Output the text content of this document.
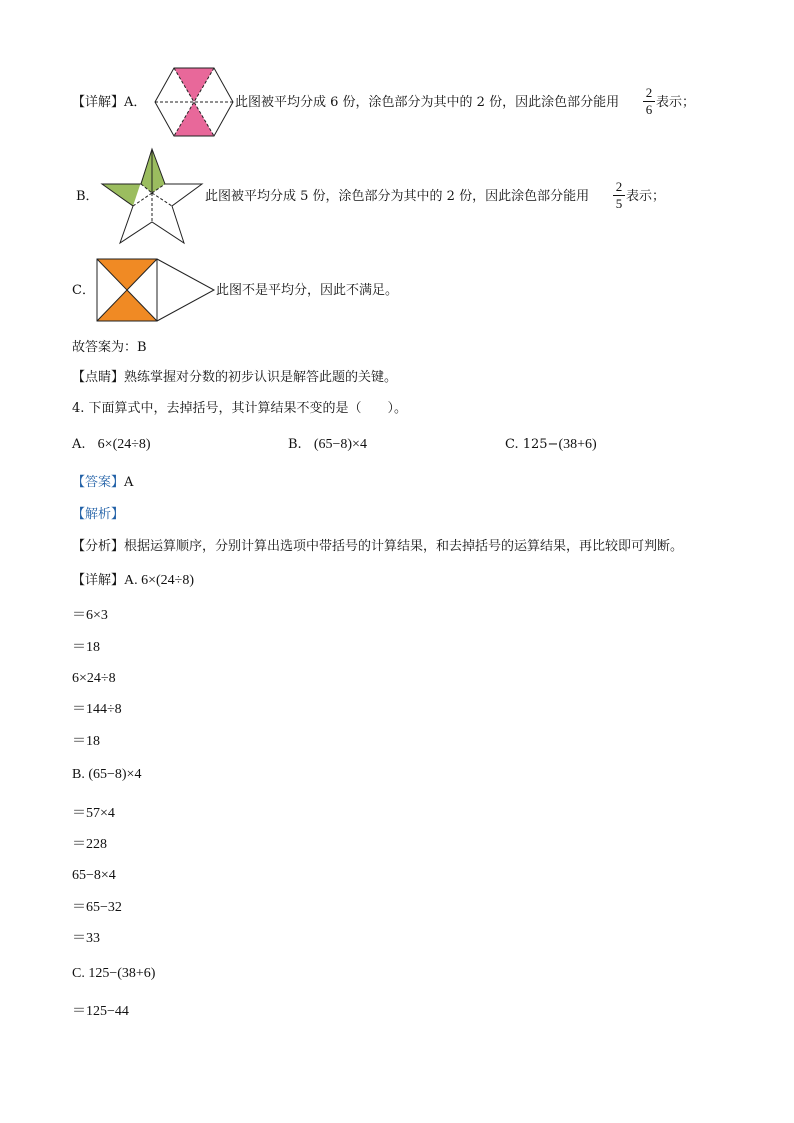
【详解】A．	此图被平均分成 6 份，涂色部分为其中的 2 份，因此涂色部分能用
2
6 表示；
B．	此图被平均分成 5 份，涂色部分为其中的 2 份，因此涂色部分能用
2
5 表示；
C．	此图不是平均分，因此不满足。
故答案为：B
【点睛】熟练掌握对分数的初步认识是解答此题的关键。
4. 下面算式中，去掉括号，其计算结果不变的是（　　）。
A. 6×(24÷8)	B. (65−8)×4	C. 125−(38+6)
【答案】A
【解析】
【分析】根据运算顺序，分别计算出选项中带括号的计算结果，和去掉括号的运算结果，再比较即可判断。
【详解】A. 6×(24÷8)
＝6×3
＝18
6×24÷8
＝144÷8
＝18
B. (65−8)×4
＝57×4
＝228
65−8×4
＝65−32
＝33
C. 125−(38+6)
＝125−44
